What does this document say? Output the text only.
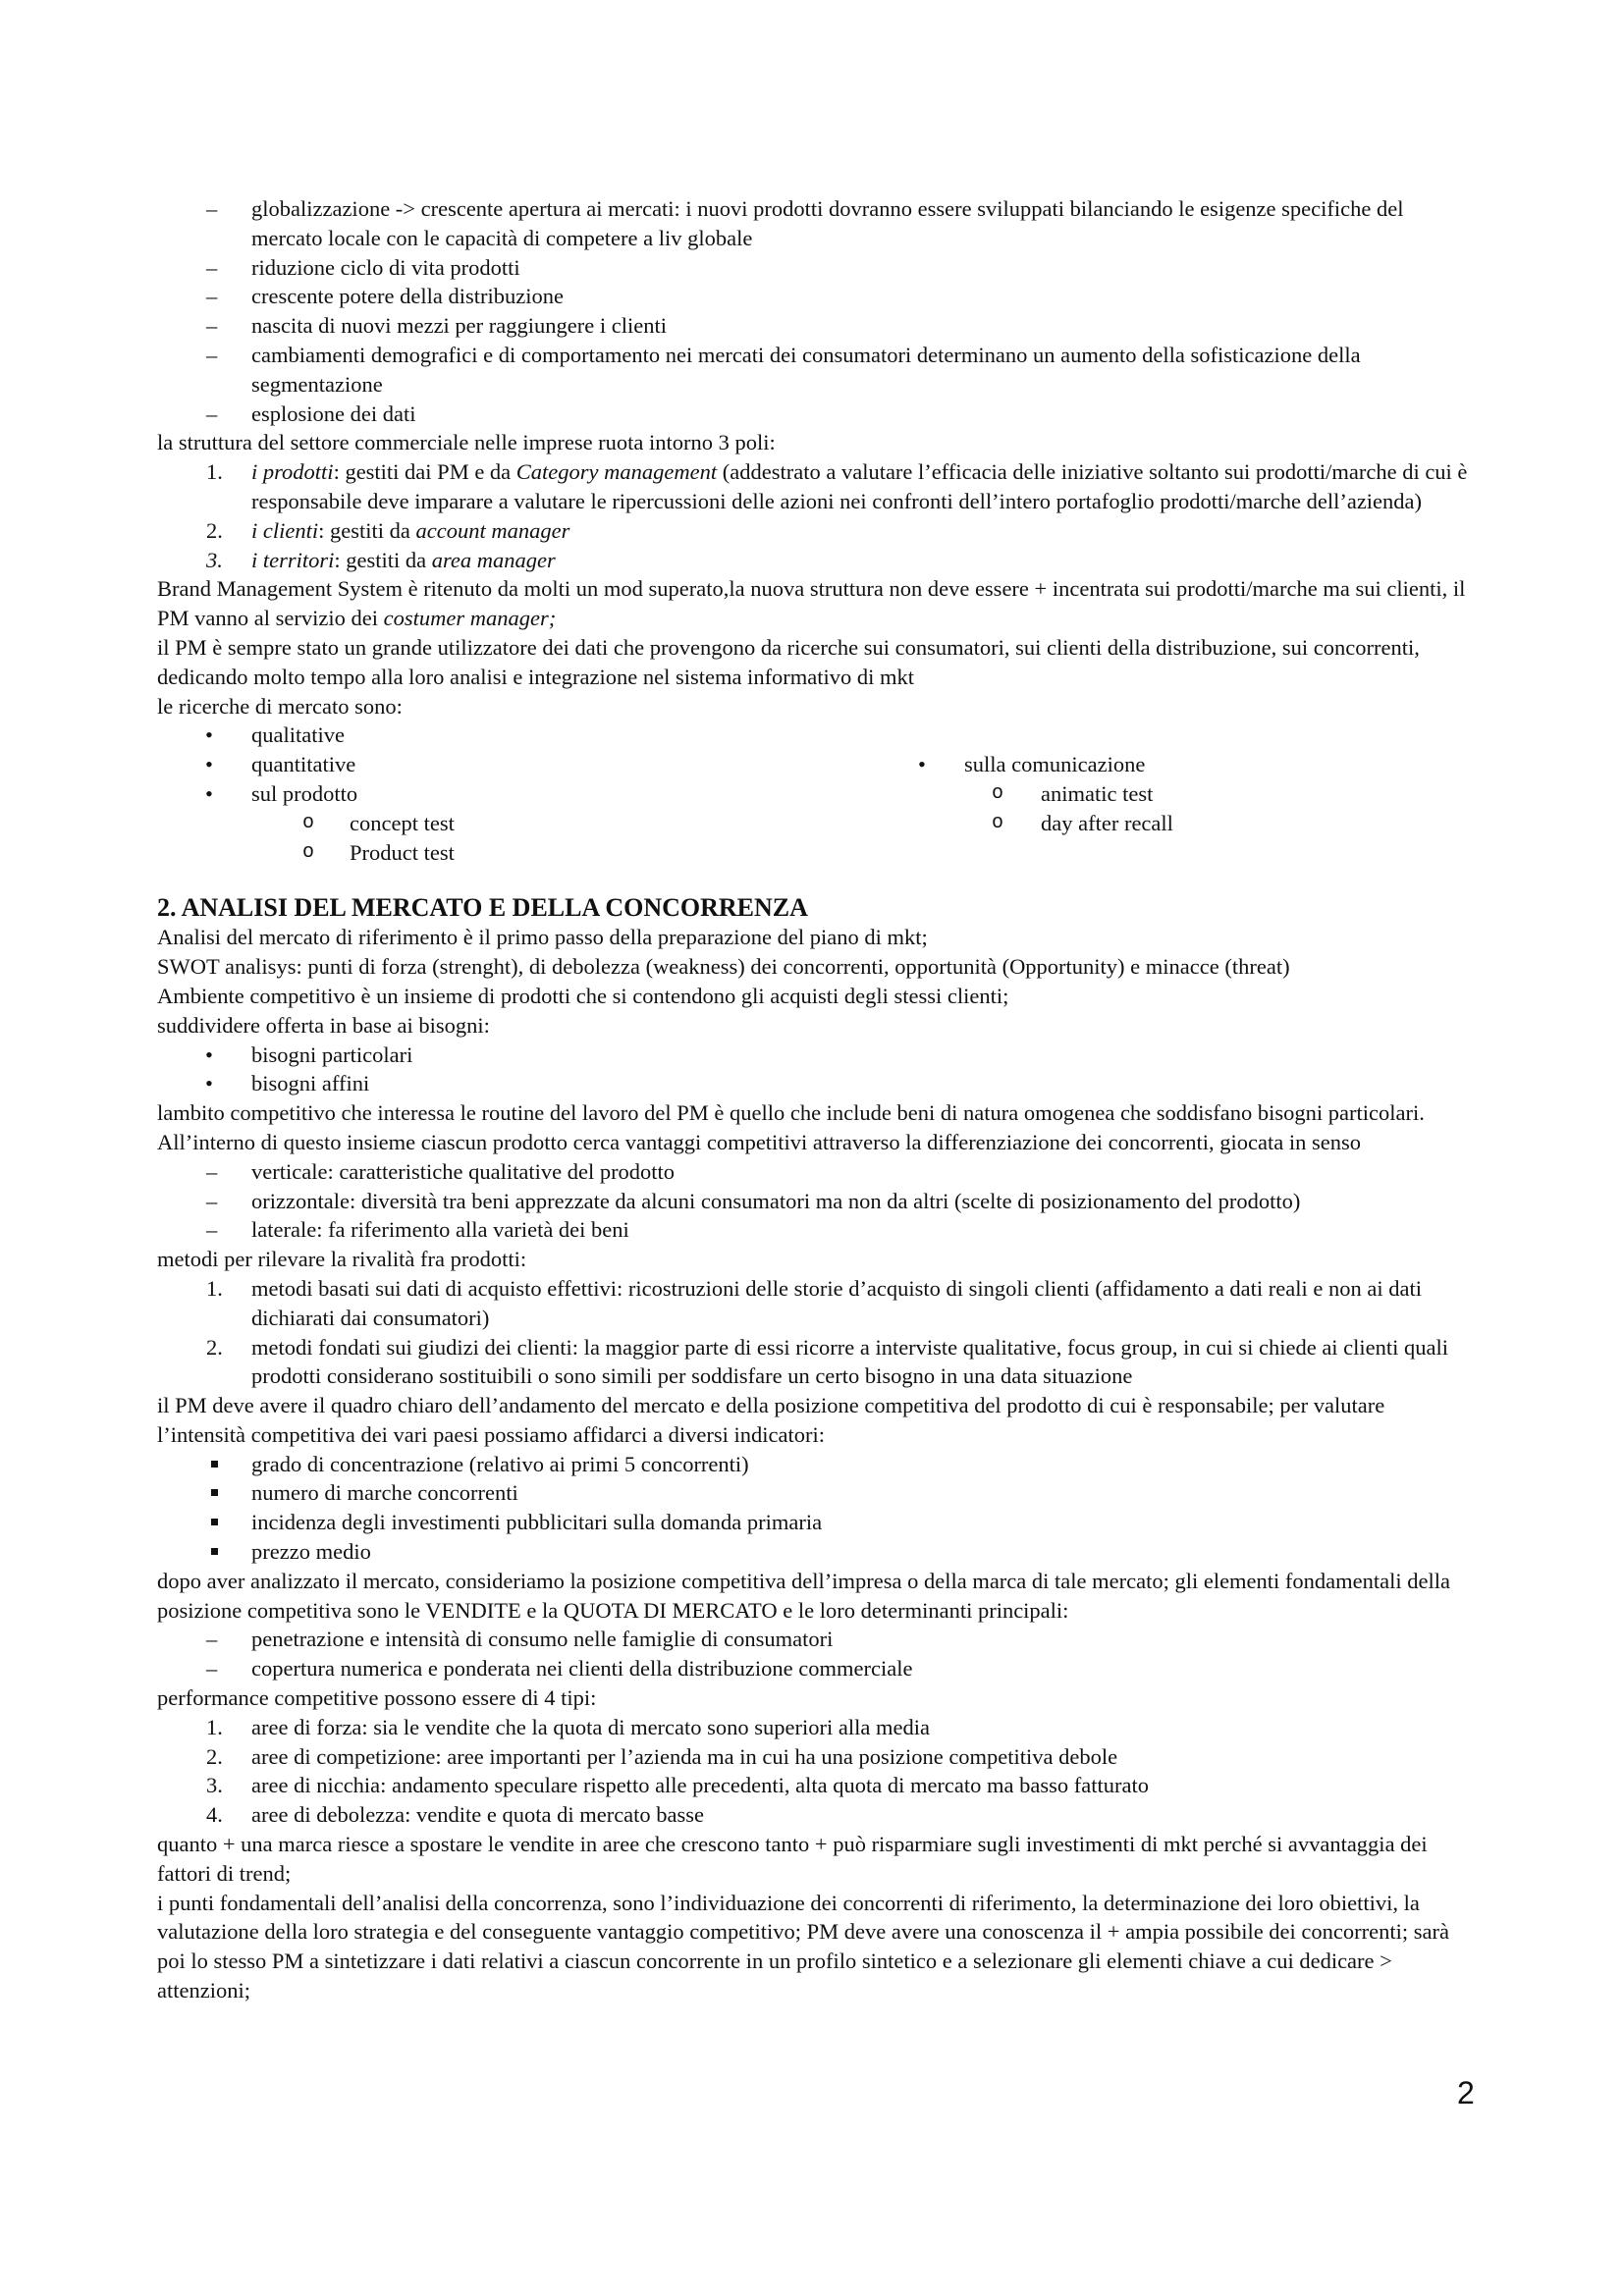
– globalizzazione -> crescente apertura ai mercati: i nuovi prodotti dovranno essere sviluppati bilanciando le esigenze specifiche del mercato locale con le capacità di competere a liv globale
– riduzione ciclo di vita prodotti
– crescente potere della distribuzione
– nascita di nuovi mezzi per raggiungere i clienti
– cambiamenti demografici e di comportamento nei mercati dei consumatori determinano un aumento della sofisticazione della segmentazione
– esplosione dei dati

la struttura del settore commerciale nelle imprese ruota intorno 3 poli:

1. i prodotti: gestiti dai PM e da Category management (addestrato a valutare l’efficacia delle iniziative soltanto sui prodotti/marche di cui è responsabile deve imparare a valutare le ripercussioni delle azioni nei confronti dell’intero portafoglio prodotti/marche dell’azienda)
2. i clienti: gestiti da account manager
3. i territori: gestiti da area manager

Brand Management System è ritenuto da molti un mod superato,la nuova struttura non deve essere + incentrata sui prodotti/marche ma sui clienti, il PM vanno al servizio dei costumer manager;

il PM è sempre stato un grande utilizzatore dei dati che provengono da ricerche sui consumatori, sui clienti della distribuzione, sui concorrenti, dedicando molto tempo alla loro analisi e integrazione nel sistema informativo di mkt

le ricerche di mercato sono:

• qualitative
• quantitative
• sul prodotto
o concept test
o Product test
• sulla comunicazione
o animatic test
o day after recall
2. ANALISI DEL MERCATO E DELLA CONCORRENZA

Analisi del mercato di riferimento è il primo passo della preparazione del piano di mkt;

SWOT analisys: punti di forza (strenght), di debolezza (weakness) dei concorrenti, opportunità (Opportunity) e minacce (threat)

Ambiente competitivo è un insieme di prodotti che si contendono gli acquisti degli stessi clienti;

suddividere offerta in base ai bisogni:

• bisogni particolari
• bisogni affini

lambito competitivo che interessa le routine del lavoro del PM è quello che include beni di natura omogenea che soddisfano bisogni particolari. All’interno di questo insieme ciascun prodotto cerca vantaggi competitivi attraverso la differenziazione dei concorrenti, giocata in senso

– verticale: caratteristiche qualitative del prodotto
– orizzontale: diversità tra beni apprezzate da alcuni consumatori ma non da altri (scelte di posizionamento del prodotto)
– laterale: fa riferimento alla varietà dei beni

metodi per rilevare la rivalità fra prodotti:

1. metodi basati sui dati di acquisto effettivi: ricostruzioni delle storie d’acquisto di singoli clienti (affidamento a dati reali e non ai dati dichiarati dai consumatori)
2. metodi fondati sui giudizi dei clienti: la maggior parte di essi ricorre a interviste qualitative, focus group, in cui si chiede ai clienti quali prodotti considerano sostituibili o sono simili per soddisfare un certo bisogno in una data situazione

il PM deve avere il quadro chiaro dell’andamento del mercato e della posizione competitiva del prodotto di cui è responsabile; per valutare l’intensità competitiva dei vari paesi possiamo affidarci a diversi indicatori:

grado di concentrazione (relativo ai primi 5 concorrenti)
numero di marche concorrenti
incidenza degli investimenti pubblicitari sulla domanda primaria
prezzo medio

dopo aver analizzato il mercato, consideriamo la posizione competitiva dell’impresa o della marca di tale mercato; gli elementi fondamentali della posizione competitiva sono le VENDITE e la QUOTA DI MERCATO e le loro determinanti principali:

– penetrazione e intensità di consumo nelle famiglie di consumatori
– copertura numerica e ponderata nei clienti della distribuzione commerciale

performance competitive possono essere di 4 tipi:

1. aree di forza: sia le vendite che la quota di mercato sono superiori alla media
2. aree di competizione: aree importanti per l’azienda ma in cui ha una posizione competitiva debole
3. aree di nicchia: andamento speculare rispetto alle precedenti, alta quota di mercato ma basso fatturato
4. aree di debolezza: vendite e quota di mercato basse

quanto + una marca riesce a spostare le vendite in aree che crescono tanto + può risparmiare sugli investimenti di mkt perché si avvantaggia dei fattori di trend;

i punti fondamentali dell’analisi della concorrenza, sono l’individuazione dei concorrenti di riferimento, la determinazione dei loro obiettivi, la valutazione della loro strategia e del conseguente vantaggio competitivo; PM deve avere una conoscenza il + ampia possibile dei concorrenti; sarà poi lo stesso PM a sintetizzare i dati relativi a ciascun concorrente in un profilo sintetico e a selezionare gli elementi chiave a cui dedicare > attenzioni;

2
